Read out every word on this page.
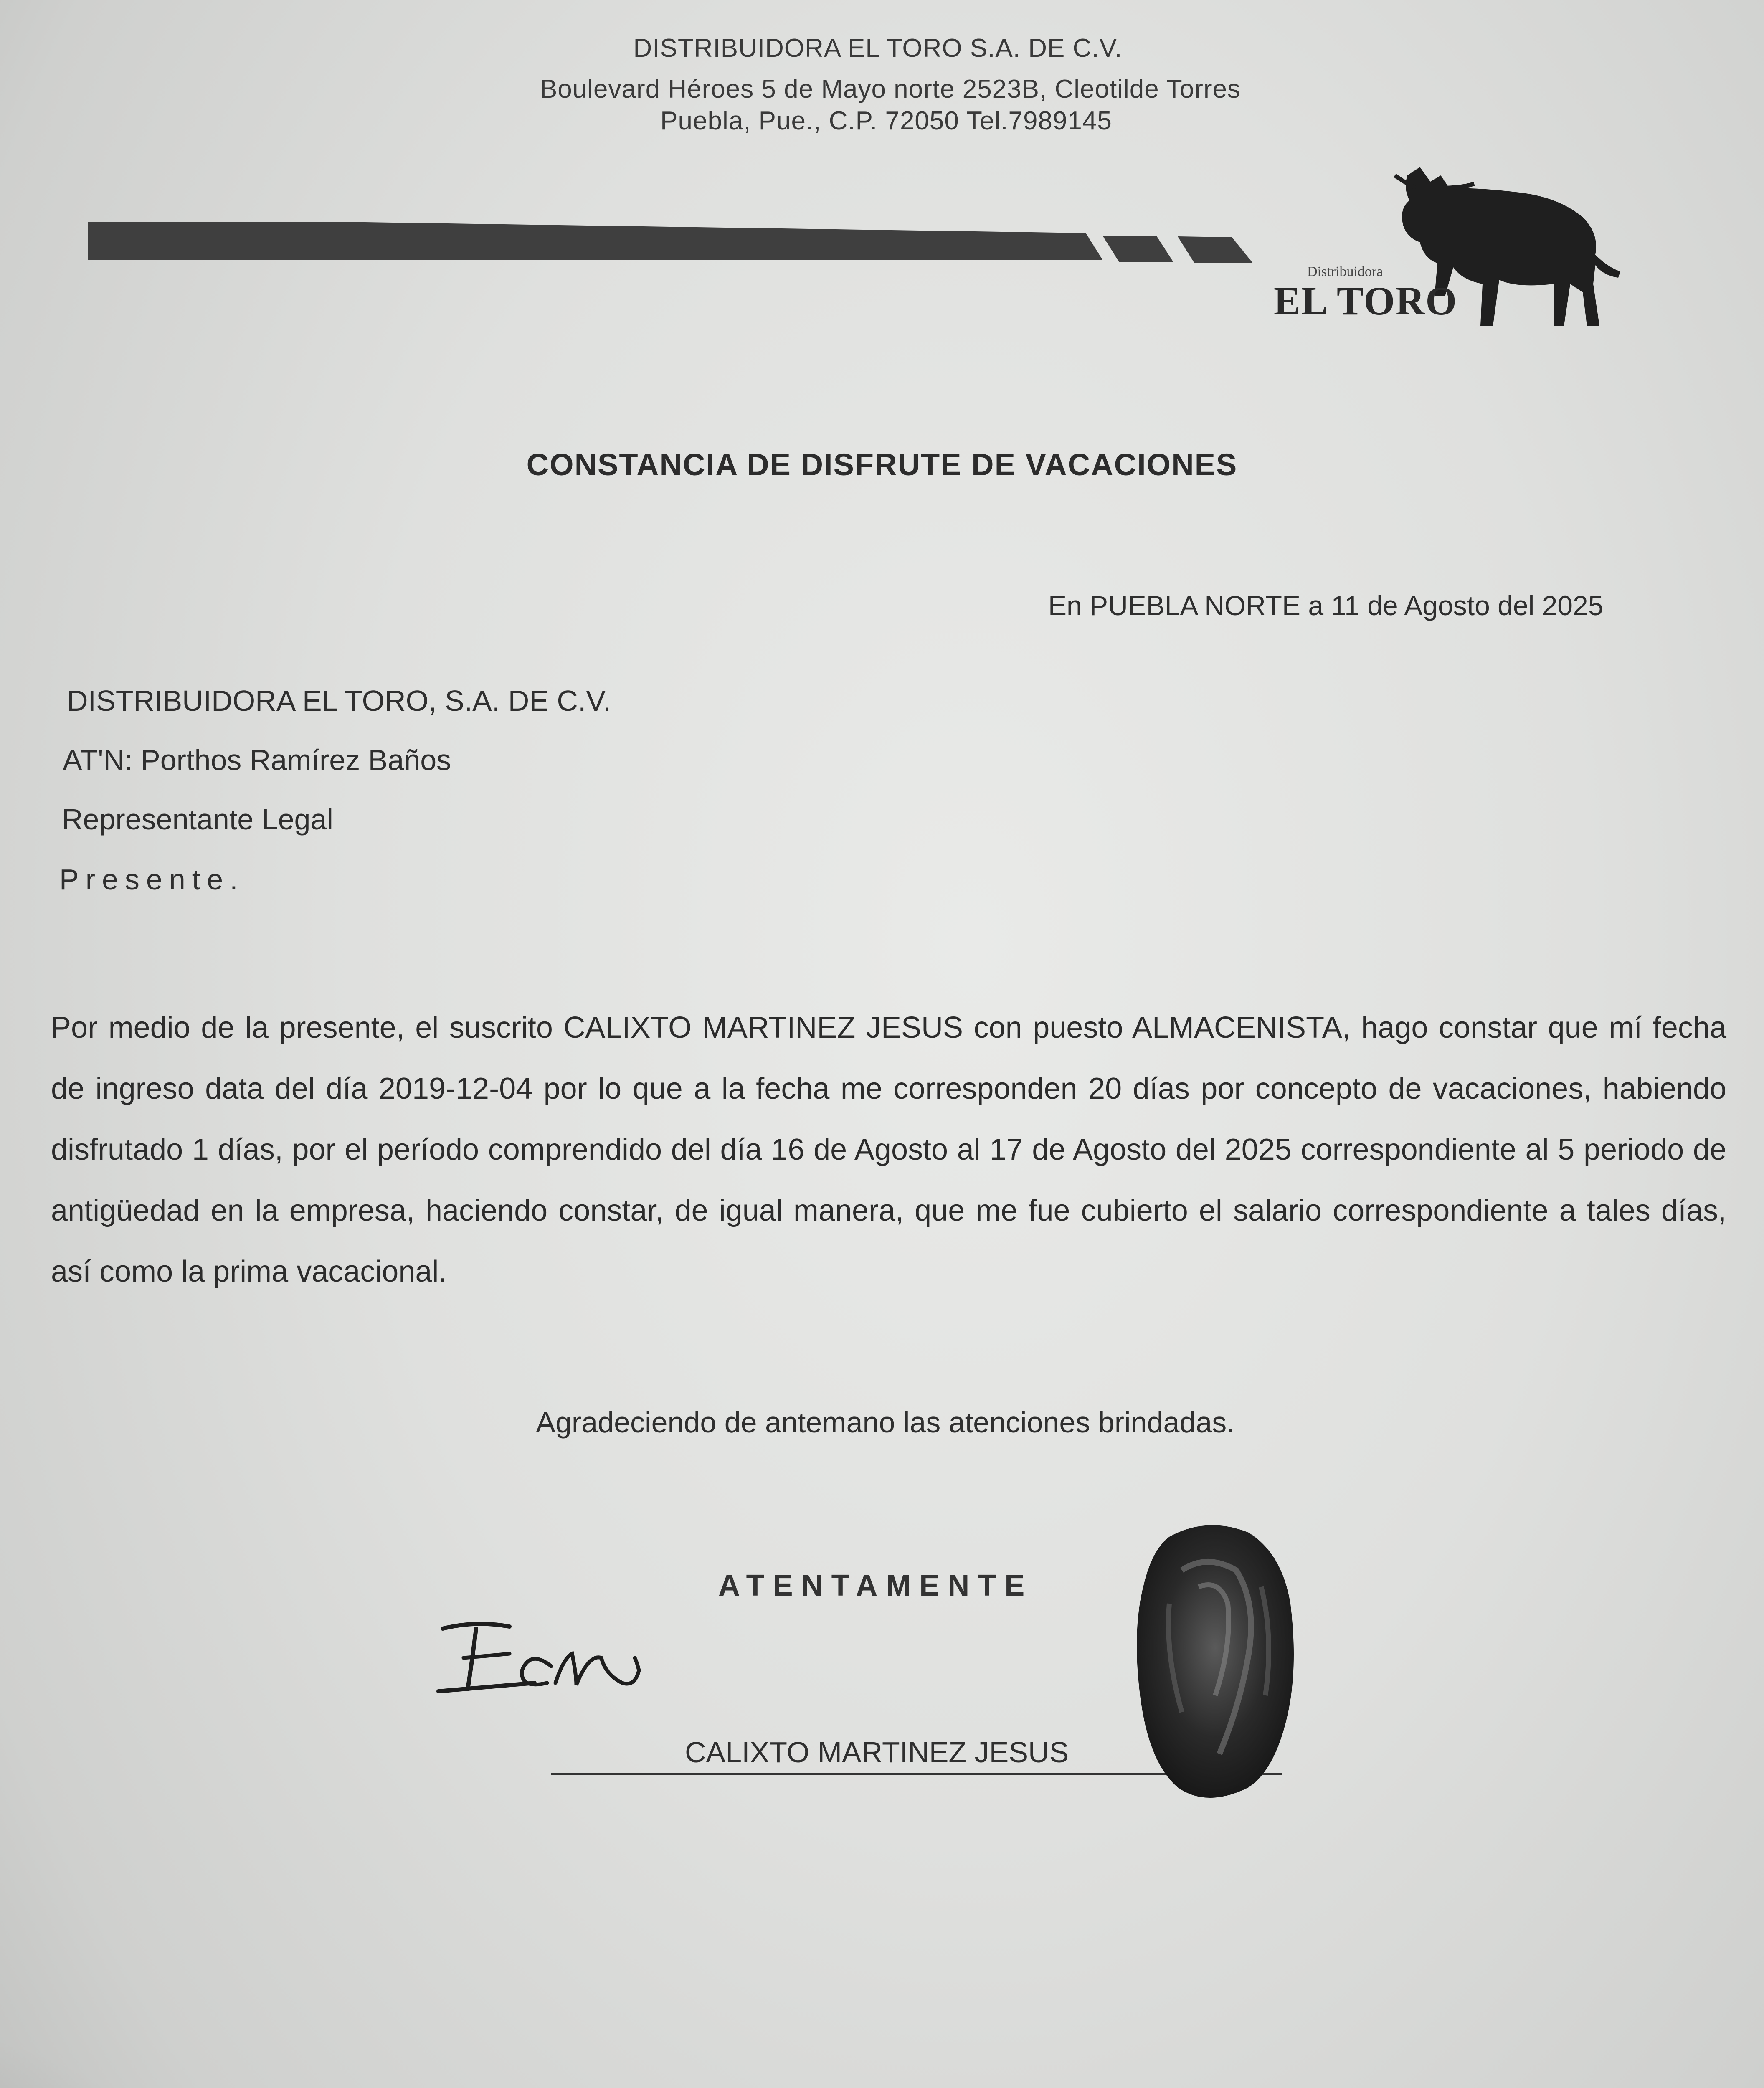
DISTRIBUIDORA EL TORO S.A. DE C.V.
Boulevard Héroes 5 de Mayo norte 2523B, Cleotilde Torres
Puebla, Pue., C.P. 72050 Tel.7989145
Distribuidora
EL TORO
CONSTANCIA DE DISFRUTE DE VACACIONES
En PUEBLA NORTE a 11 de Agosto del 2025
DISTRIBUIDORA EL TORO, S.A. DE C.V.
AT'N: Porthos Ramírez Baños
Representante Legal
Presente.
Por medio de la presente, el suscrito CALIXTO MARTINEZ JESUS con puesto ALMACENISTA, hago constar que mí fecha de ingreso data del día 2019-12-04 por lo que a la fecha me corresponden 20 días por concepto de vacaciones, habiendo disfrutado 1 días, por el período comprendido del día 16 de Agosto al 17 de Agosto del 2025 correspondiente al 5 periodo de antigüedad en la empresa, haciendo constar, de igual manera, que me fue cubierto el salario correspondiente a tales días, así como la prima vacacional.
Agradeciendo de antemano las atenciones brindadas.
ATENTAMENTE
CALIXTO MARTINEZ JESUS
